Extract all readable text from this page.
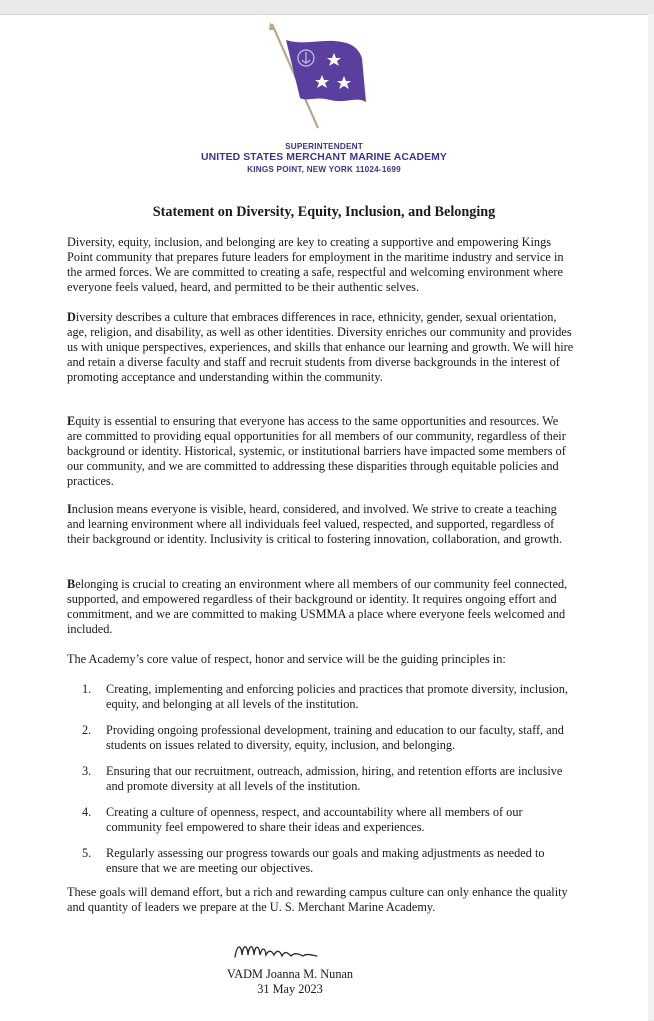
SUPERINTENDENT
UNITED STATES MERCHANT MARINE ACADEMY
KINGS POINT, NEW YORK 11024-1699
Statement on Diversity, Equity, Inclusion, and Belonging

Diversity, equity, inclusion, and belonging are key to creating a supportive and empowering Kings Point community that prepares future leaders for employment in the maritime industry and service in the armed forces. We are committed to creating a safe, respectful and welcoming environment where everyone feels valued, heard, and permitted to be their authentic selves.

Diversity describes a culture that embraces differences in race, ethnicity, gender, sexual orientation, age, religion, and disability, as well as other identities. Diversity enriches our community and provides us with unique perspectives, experiences, and skills that enhance our learning and growth. We will hire and retain a diverse faculty and staff and recruit students from diverse backgrounds in the interest of promoting acceptance and understanding within the community.

Equity is essential to ensuring that everyone has access to the same opportunities and resources. We are committed to providing equal opportunities for all members of our community, regardless of their background or identity. Historical, systemic, or institutional barriers have impacted some members of our community, and we are committed to addressing these disparities through equitable policies and practices.

Inclusion means everyone is visible, heard, considered, and involved. We strive to create a teaching and learning environment where all individuals feel valued, respected, and supported, regardless of their background or identity. Inclusivity is critical to fostering innovation, collaboration, and growth.

Belonging is crucial to creating an environment where all members of our community feel connected, supported, and empowered regardless of their background or identity. It requires ongoing effort and commitment, and we are committed to making USMMA a place where everyone feels welcomed and included.

The Academy’s core value of respect, honor and service will be the guiding principles in:

1. Creating, implementing and enforcing policies and practices that promote diversity, inclusion, equity, and belonging at all levels of the institution.
2. Providing ongoing professional development, training and education to our faculty, staff, and students on issues related to diversity, equity, inclusion, and belonging.
3. Ensuring that our recruitment, outreach, admission, hiring, and retention efforts are inclusive and promote diversity at all levels of the institution.
4. Creating a culture of openness, respect, and accountability where all members of our community feel empowered to share their ideas and experiences.
5. Regularly assessing our progress towards our goals and making adjustments as needed to ensure that we are meeting our objectives.

These goals will demand effort, but a rich and rewarding campus culture can only enhance the quality and quantity of leaders we prepare at the U. S. Merchant Marine Academy.

VADM Joanna M. Nunan
31 May 2023
